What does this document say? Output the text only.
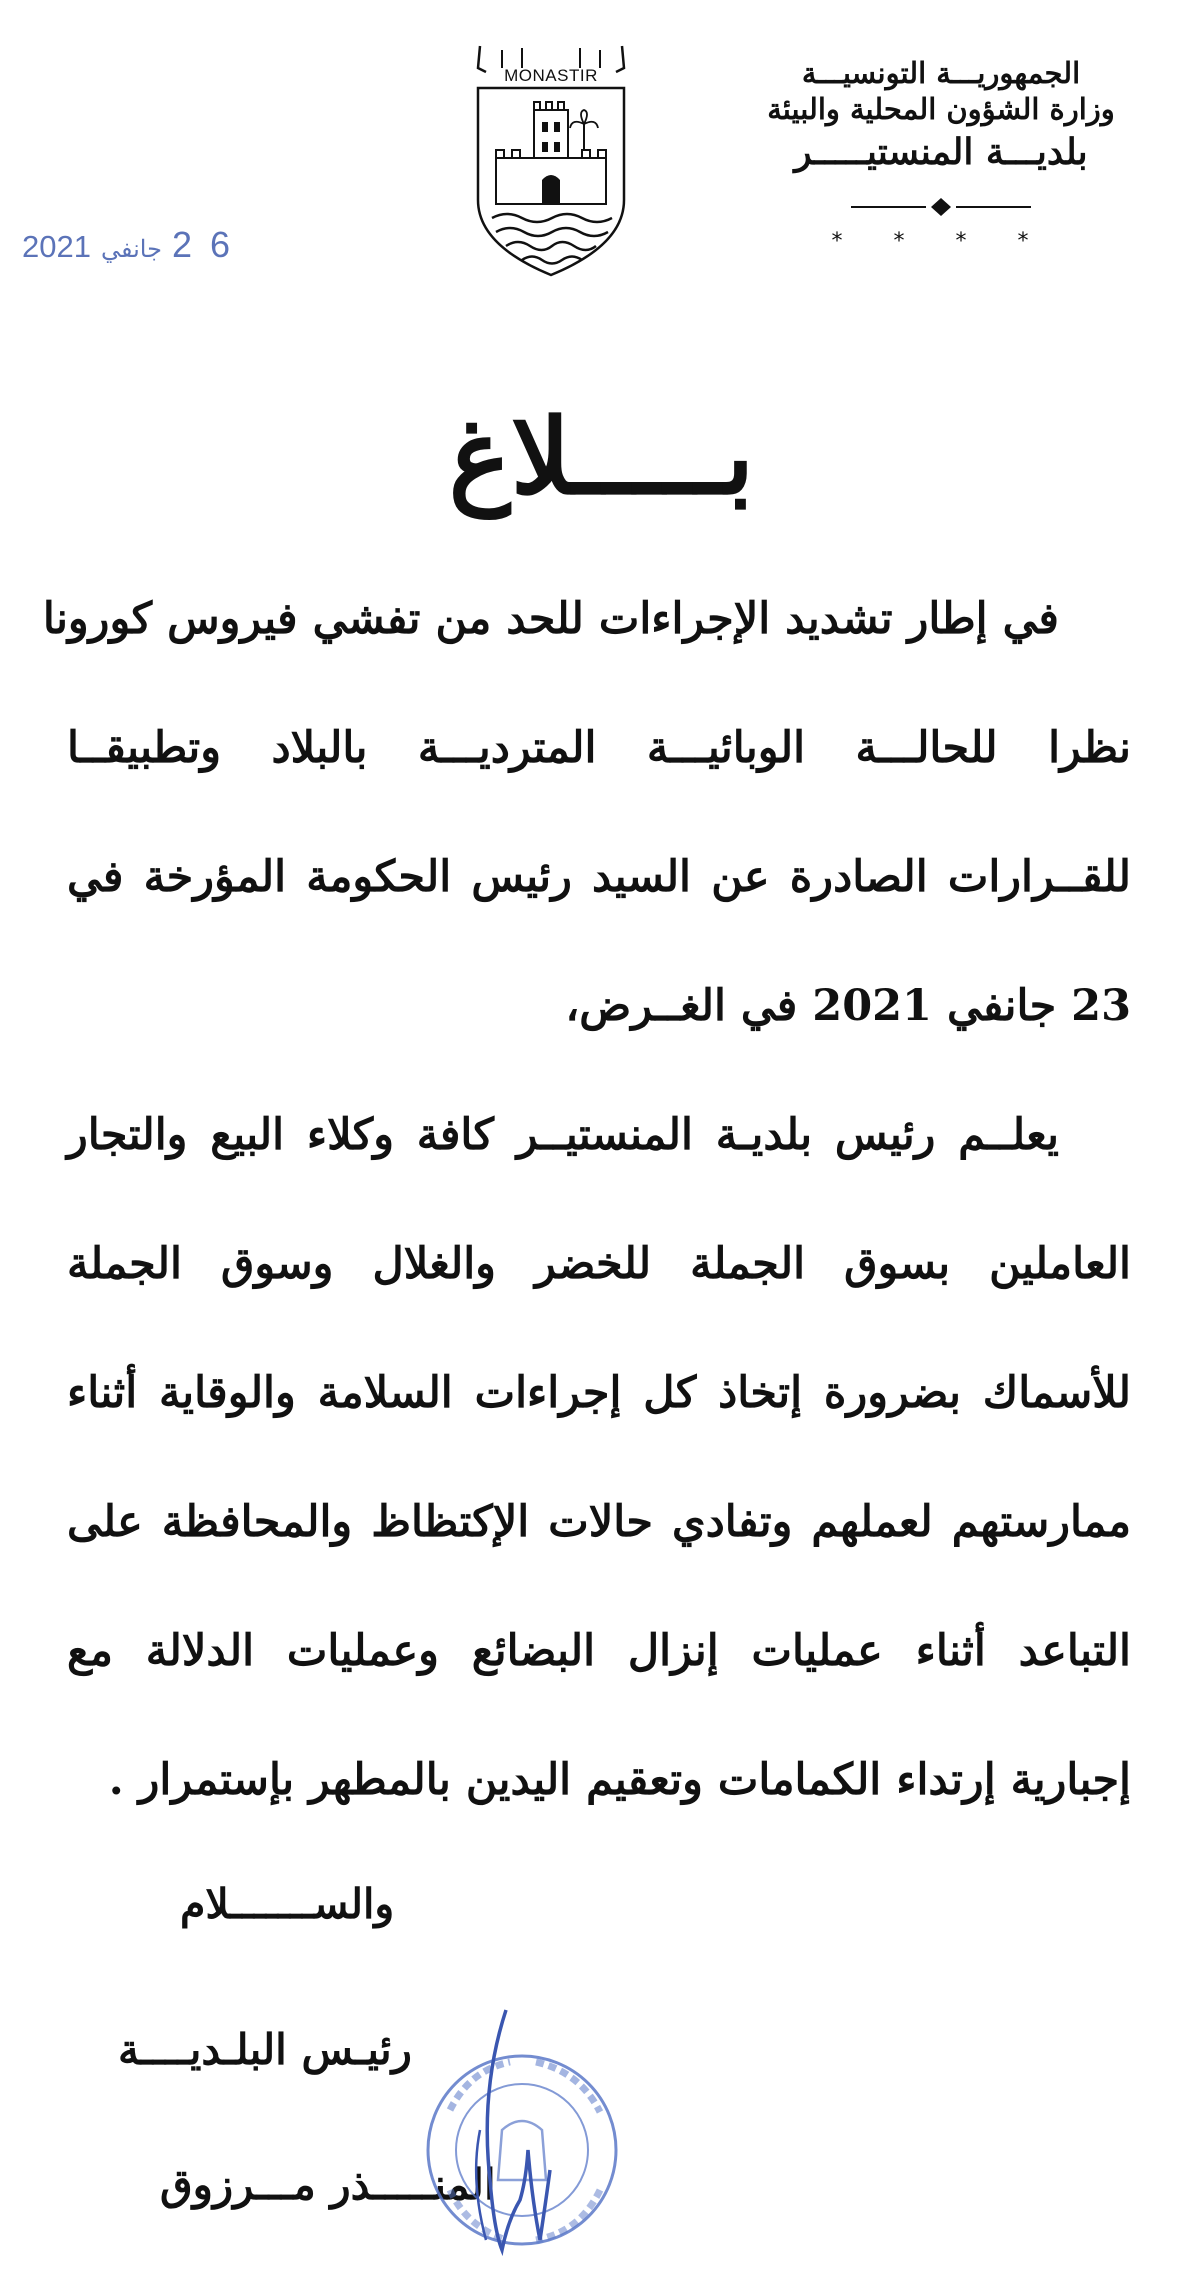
الجمهوريـــة التونسيـــة
وزارة الشؤون المحلية والبيئة
بلديـــة المنستيـــــر
* * * *
MONASTIR
2021 جانفي 2 6
بـــــلاغ
في إطار تشديد الإجراءات للحد من تفشي فيروس كورونا
نظرا للحالـــة الوبائيـــة المترديـــة بالبلاد وتطبيقــا
للقــرارات الصادرة عن السيد رئيس الحكومة المؤرخة في
23 جانفي 2021 في الغــرض،
يعلــم رئيس بلديـة المنستيــر كافة وكلاء البيع والتجار
العاملين بسوق الجملة للخضر والغلال وسوق الجملة
للأسماك بضرورة إتخاذ كل إجراءات السلامة والوقاية أثناء
ممارستهم لعملهم وتفادي حالات الإكتظاظ والمحافظة على
التباعد أثناء عمليات إنزال البضائع وعمليات الدلالة مع
إجبارية إرتداء الكمامات وتعقيم اليدين بالمطهر بإستمرار .
والســـــــلام
رئيـس البلـديــــة
المنـــــذر مـــرزوق
